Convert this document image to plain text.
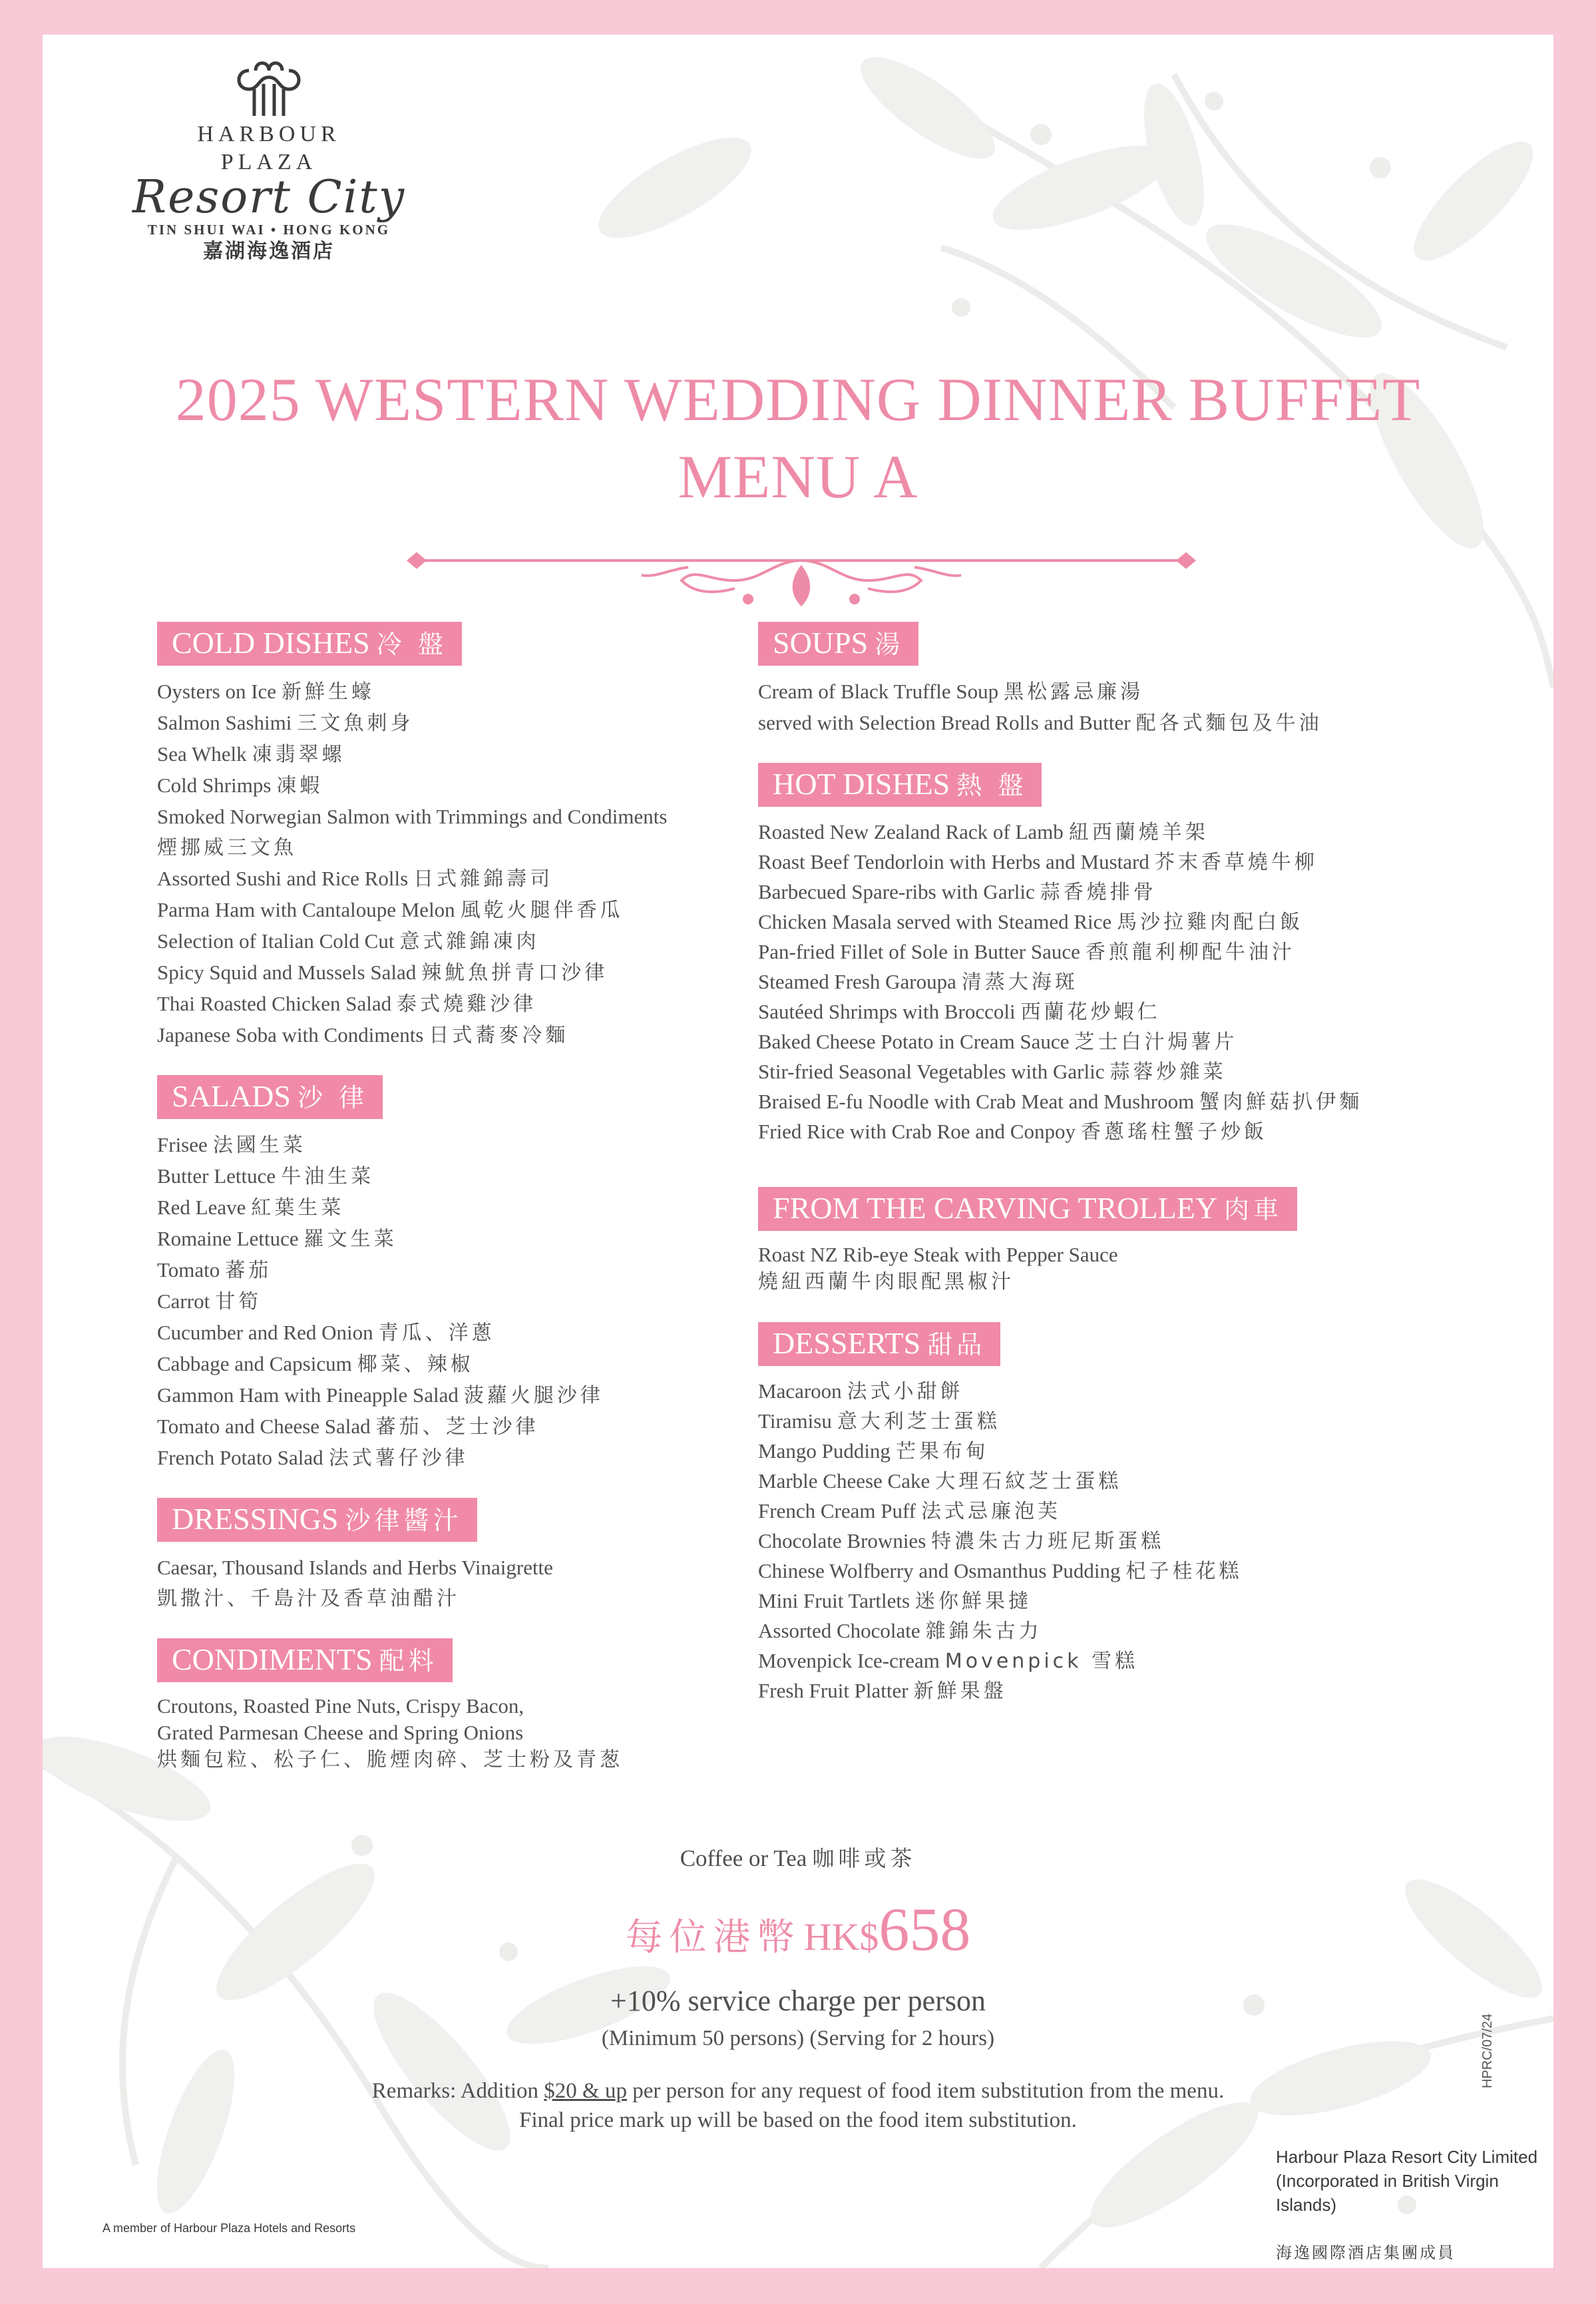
HARBOUR
PLAZA
Resort City
TIN SHUI WAI • HONG KONG
嘉湖海逸酒店
2025 WESTERN WEDDING DINNER BUFFET
MENU A
COLD DISHES 冷 盤
Oysters on Ice 新鮮生蠔
Salmon Sashimi 三文魚刺身
Sea Whelk 凍翡翠螺
Cold Shrimps 凍蝦
Smoked Norwegian Salmon with Trimmings and Condiments
煙挪威三文魚
Assorted Sushi and Rice Rolls 日式雜錦壽司
Parma Ham with Cantaloupe Melon 風乾火腿伴香瓜
Selection of Italian Cold Cut 意式雜錦凍肉
Spicy Squid and Mussels Salad 辣魷魚拼青口沙律
Thai Roasted Chicken Salad 泰式燒雞沙律
Japanese Soba with Condiments 日式蕎麥冷麵
SALADS 沙 律
Frisee 法國生菜
Butter Lettuce 牛油生菜
Red Leave 紅葉生菜
Romaine Lettuce 羅文生菜
Tomato 蕃茄
Carrot 甘筍
Cucumber and Red Onion 青瓜、洋蔥
Cabbage and Capsicum 椰菜、辣椒
Gammon Ham with Pineapple Salad 菠蘿火腿沙律
Tomato and Cheese Salad 蕃茄、芝士沙律
French Potato Salad 法式薯仔沙律
DRESSINGS 沙律醬汁
Caesar, Thousand Islands and Herbs Vinaigrette
凱撒汁、千島汁及香草油醋汁
CONDIMENTS 配料
Croutons, Roasted Pine Nuts, Crispy Bacon,
Grated Parmesan Cheese and Spring Onions
烘麵包粒、松子仁、脆煙肉碎、芝士粉及青葱
SOUPS 湯
Cream of Black Truffle Soup 黑松露忌廉湯
served with Selection Bread Rolls and Butter 配各式麵包及牛油
HOT DISHES 熱 盤
Roasted New Zealand Rack of Lamb 紐西蘭燒羊架
Roast Beef Tendorloin with Herbs and Mustard 芥末香草燒牛柳
Barbecued Spare-ribs with Garlic 蒜香燒排骨
Chicken Masala served with Steamed Rice 馬沙拉雞肉配白飯
Pan-fried Fillet of Sole in Butter Sauce 香煎龍利柳配牛油汁
Steamed Fresh Garoupa 清蒸大海斑
Sautéed Shrimps with Broccoli 西蘭花炒蝦仁
Baked Cheese Potato in Cream Sauce 芝士白汁焗薯片
Stir-fried Seasonal Vegetables with Garlic 蒜蓉炒雜菜
Braised E-fu Noodle with Crab Meat and Mushroom 蟹肉鮮菇扒伊麵
Fried Rice with Crab Roe and Conpoy 香蔥瑤柱蟹子炒飯
FROM THE CARVING TROLLEY 肉車
Roast NZ Rib-eye Steak with Pepper Sauce
燒紐西蘭牛肉眼配黑椒汁
DESSERTS 甜品
Macaroon 法式小甜餅
Tiramisu 意大利芝士蛋糕
Mango Pudding 芒果布甸
Marble Cheese Cake 大理石紋芝士蛋糕
French Cream Puff 法式忌廉泡芙
Chocolate Brownies 特濃朱古力班尼斯蛋糕
Chinese Wolfberry and Osmanthus Pudding 杞子桂花糕
Mini Fruit Tartlets 迷你鮮果撻
Assorted Chocolate 雜錦朱古力
Movenpick Ice-cream Movenpick 雪糕
Fresh Fruit Platter 新鮮果盤
Coffee or Tea 咖啡或茶
每位港幣 HK$658
+10% service charge per person
(Minimum 50 persons) (Serving for 2 hours)
Remarks: Addition $20 & up per person for any request of food item substitution from the menu.
Final price mark up will be based on the food item substitution.
HPRC/07/24
Harbour Plaza Resort City Limited
(Incorporated in British Virgin Islands)
海逸國際酒店集團成員
A member of Harbour Plaza Hotels and Resorts
